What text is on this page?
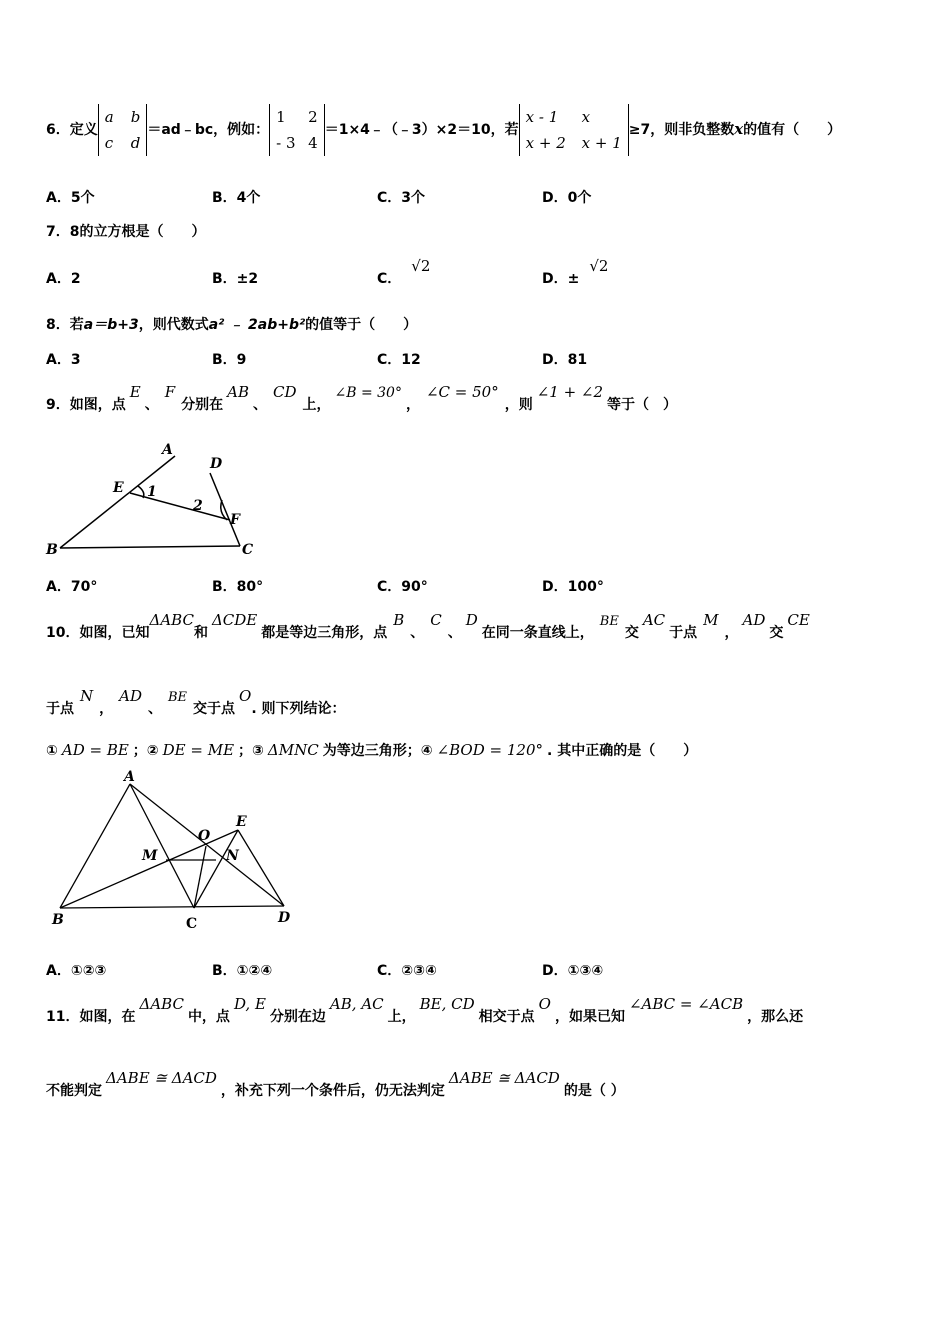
6．定义
a b
c d
＝ad﹣bc，例如：
1 2
- 3 4
＝1×4﹣（﹣3）×2＝10，若
x - 1 x
x + 2 x + 1
≥7，则非负整数x的值有（　　）
A．5个	B．4个	C．3个	D．0个
7．8的立方根是（　　）
A．2	B．±2	C．√2
D．±√2
8．若a＝b+3，则代数式a² ﹣ 2ab+b²的值等于（　　）
A．3	B．9	C．12	D．81
9．如图，点E、F分别在AB、CD上，∠B = 30°，∠C = 50°，则∠1 + ∠2等于（　）
A
D
E 1
2
F
B	C
A．70°	B．80°	C．90°	D．100°
10．如图，已知ΔABC和ΔCDE都是等边三角形，点B、C、D在同一条直线上，BE交AC于点M，AD交CE
于点N，AD、BE交于点O. 则下列结论：
① AD = BE ；② DE = ME ；③ ΔMNC 为等边三角形；④ ∠BOD = 120° . 其中正确的是（　　）
A
E
O
M	N
B	C	D
A．①②③	B．①②④	C．②③④	D．①③④
11．如图，在ΔABC中，点D, E分别在边AB, AC上，BE, CD相交于点O，如果已知∠ABC = ∠ACB，那么还
不能判定ΔABE ≅ ΔACD，补充下列一个条件后，仍无法判定ΔABE ≅ ΔACD的是（ ）
